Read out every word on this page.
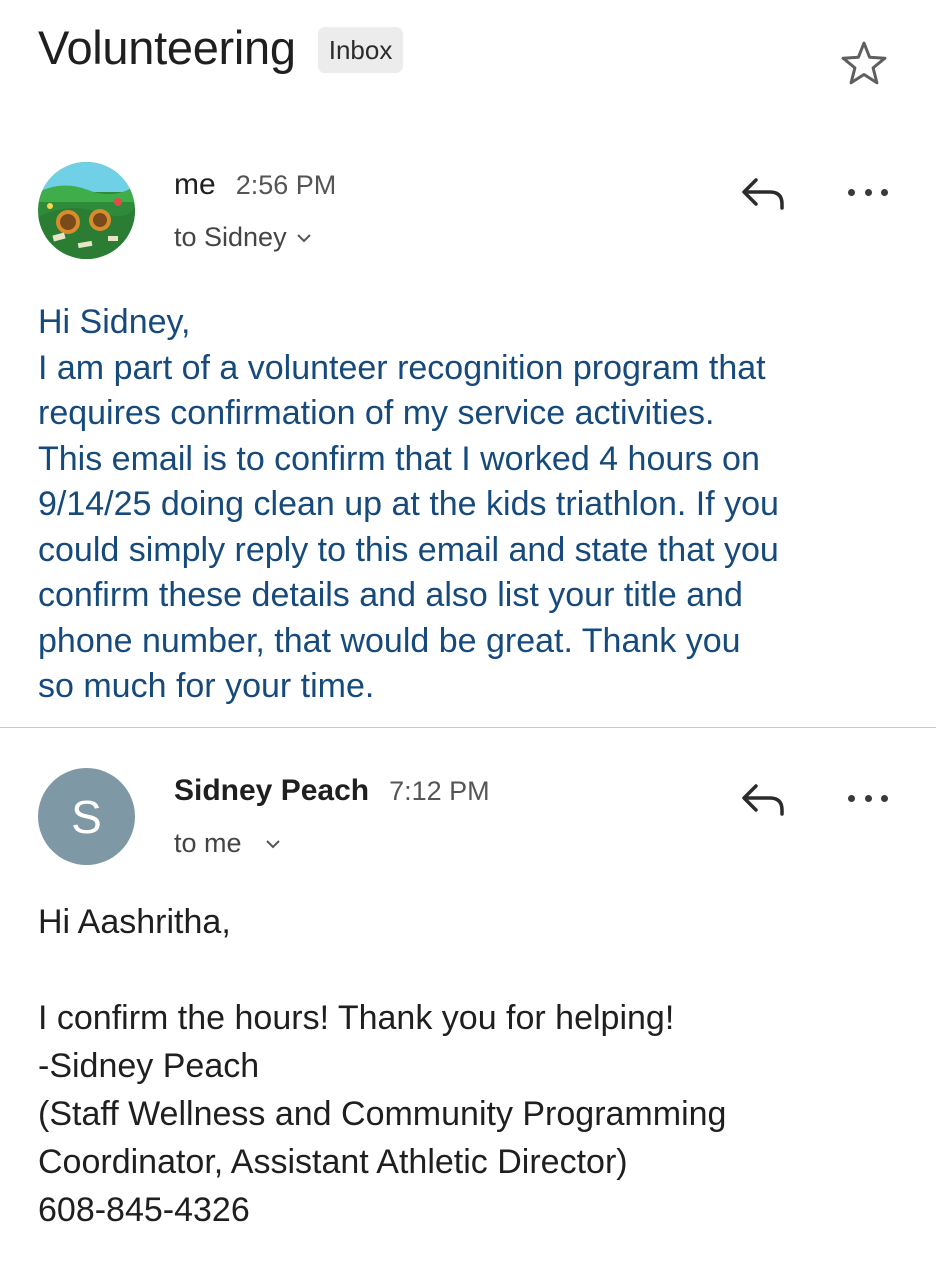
Volunteering	Inbox
me 2:56 PM
to Sidney

Hi Sidney,

I am part of a volunteer recognition program that

requires confirmation of my service activities.

This email is to confirm that I worked 4 hours on

9/14/25 doing clean up at the kids triathlon. If you

could simply reply to this email and state that you

confirm these details and also list your title and

phone number, that would be great. Thank you

so much for your time.

S Sidney Peach 7:12 PM
to me

Hi Aashritha,

I confirm the hours! Thank you for helping!

-Sidney Peach

(Staff Wellness and Community Programming

Coordinator, Assistant Athletic Director)

608-845-4326
